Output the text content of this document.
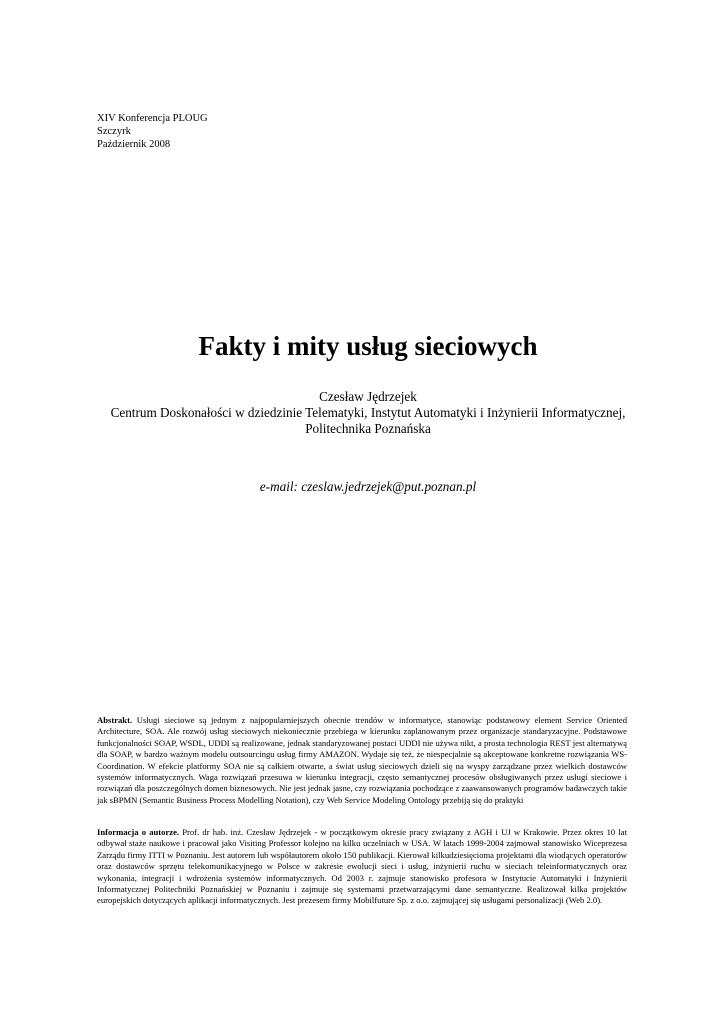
XIV Konferencja PLOUG
Szczyrk
Październik 2008
Fakty i mity usług sieciowych
Czesław Jędrzejek
Centrum Doskonałości w dziedzinie Telematyki, Instytut Automatyki i Inżynierii Informatycznej,
Politechnika Poznańska
e-mail: czeslaw.jedrzejek@put.poznan.pl
Abstrakt. Usługi sieciowe są jednym z najpopularniejszych obecnie trendów w informatyce, stanowiąc podstawowy element Service Oriented Architecture, SOA. Ale rozwój usług sieciowych niekoniecznie przebiega w kierunku zaplanowanym przez organizacje standaryzacyjne. Podstawowe funkcjonalności SOAP, WSDL, UDDI są realizowane, jednak standaryzowanej postaci UDDI nie używa nikt, a prosta technologia REST jest alternatywą dla SOAP, w bardzo ważnym modelu outsourcingu usług firmy AMAZON. Wydaje się też, że niespecjalnie są akceptowane konkretne rozwiązania WS-Coordination. W efekcie platformy SOA nie są całkiem otwarte, a świat usług sieciowych dzieli się na wyspy zarządzane przez wielkich dostawców systemów informatycznych. Waga rozwiązań przesuwa w kierunku integracji, często semantycznej procesów obsługiwanych przez usługi sieciowe i rozwiązań dla poszczególnych domen biznesowych. Nie jest jednak jasne, czy rozwiązania pochodzące z zaawansowanych programów badawczych takie jak sBPMN (Semantic Business Process Modelling Notation), czy Web Service Modeling Ontology przebiją się do praktyki
Informacja o autorze. Prof. dr hab. inż. Czesław Jędrzejek - w początkowym okresie pracy związany z AGH i UJ w Krakowie. Przez okres 10 lat odbywał staże naukowe i pracował jako Visiting Professor kolejno na kilku uczelniach w USA. W latach 1999-2004 zajmował stanowisko Wiceprezesa Zarządu firmy ITTI w Poznaniu. Jest autorem lub współautorem około 150 publikacji. Kierował kilkudziesięcioma projektami dla wiodących operatorów oraz dostawców sprzętu telekomunikacyjnego w Polsce w zakresie ewolucji sieci i usług, inżynierii ruchu w sieciach teleinformatycznych oraz wykonania, integracji i wdrożenia systemów informatycznych. Od 2003 r. zajmuje stanowisko profesora w Instytucie Automatyki i Inżynierii Informatycznej Politechniki Poznańskiej w Poznaniu i zajmuje się systemami przetwarzającymi dane semantyczne. Realizował kilka projektów europejskich dotyczących aplikacji informatycznych. Jest prezesem firmy Mobilfuture Sp. z o.o. zajmującej się usługami personalizacji (Web 2.0).
